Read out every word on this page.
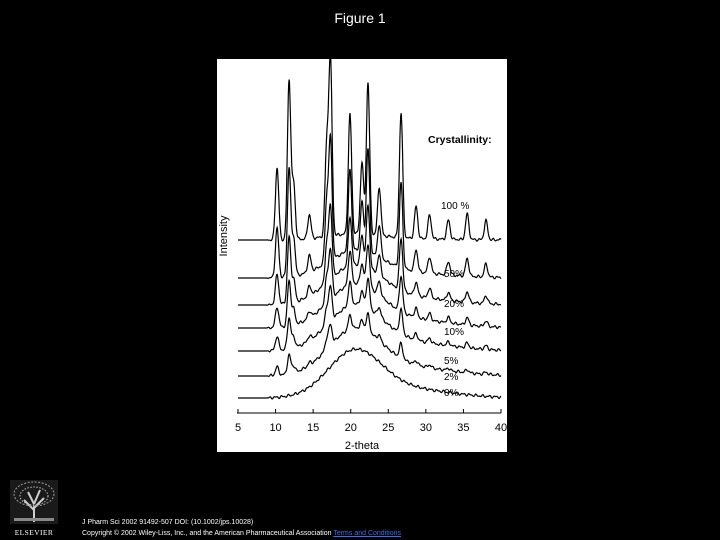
Figure 1
100 %
50%
20%
10%
5%
2%
0%
Crystallinity:
5	10 15 20 25 30 35 40
2-theta
Intensity
ELSEVIER
J Pharm Sci 2002 91492-507 DOI: (10.1002/jps.10028)
Copyright © 2002 Wiley-Liss, Inc., and the American Pharmaceutical Association Terms and Conditions
